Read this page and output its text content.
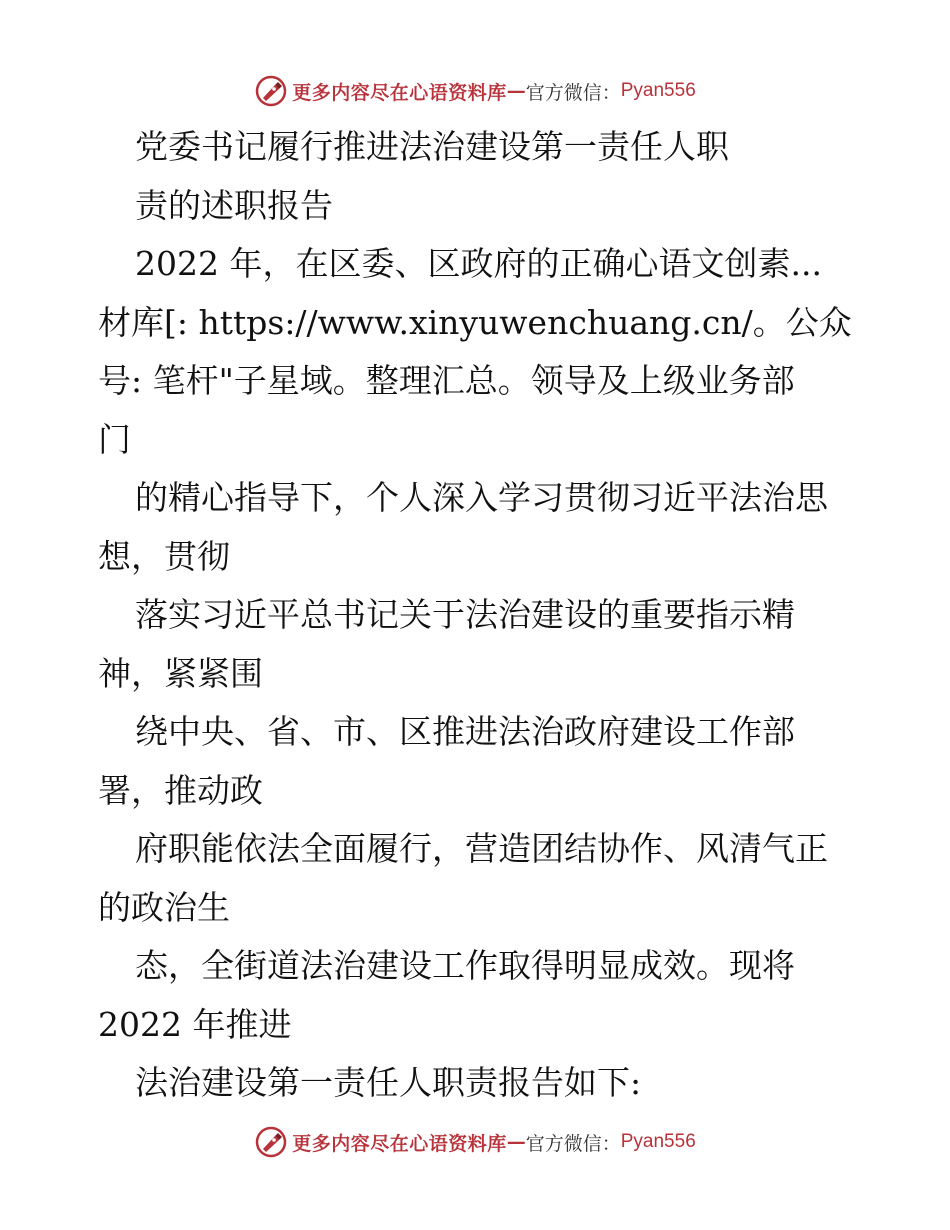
更多内容尽在心语资料库 — 官方微信： Pyan556
党委书记履行推进法治建设第一责任人职
责的述职报告
2022 年，在区委、区政府的正确心语文创素...
材库[: https://www.xinyuwenchuang.cn/。公众
号: 笔杆"子星域。整理汇总。领导及上级业务部
门
的精心指导下，个人深入学习贯彻习近平法治思
想，贯彻
落实习近平总书记关于法治建设的重要指示精
神，紧紧围
绕中央、省、市、区推进法治政府建设工作部
署，推动政
府职能依法全面履行，营造团结协作、风清气正
的政治生
态，全街道法治建设工作取得明显成效。现将
2022 年推进
法治建设第一责任人职责报告如下:
更多内容尽在心语资料库 — 官方微信： Pyan556
